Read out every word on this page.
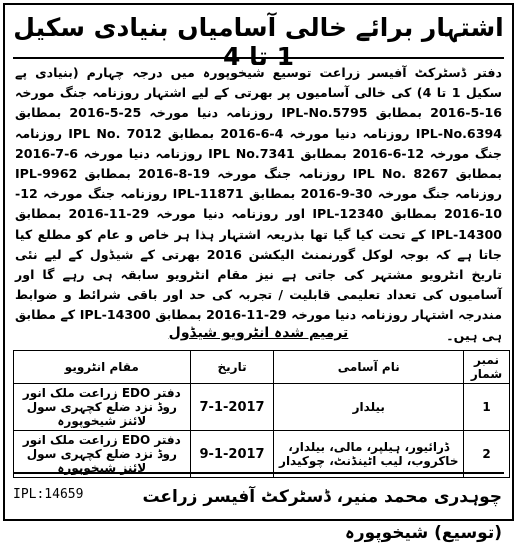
اشتہار برائے خالی آسامیاں بنیادی سکیل 1 تا 4
دفتر ڈسٹرکٹ آفیسر زراعت توسیع شیخوپورہ میں درجہ چہارم (بنیادی پے سکیل 1 تا 4) کی خالی آسامیوں پر بھرتی کے لیے اشتہار روزنامہ جنگ مورخہ 16-5-2016 بمطابق IPL-No.5795 روزنامہ دنیا مورخہ 25-5-2016 بمطابق IPL-No.6394 روزنامہ دنیا مورخہ 4-6-2016 بمطابق IPL No. 7012 روزنامہ جنگ مورخہ 12-6-2016 بمطابق IPL No.7341 روزنامہ دنیا مورخہ 6-7-2016 بمطابق IPL No. 8267 روزنامہ جنگ مورخہ 19-8-2016 بمطابق IPL-9962 روزنامہ جنگ مورخہ 30-9-2016 بمطابق IPL-11871 روزنامہ جنگ مورخہ 12-10-2016 بمطابق IPL-12340 اور روزنامہ دنیا مورخہ 29-11-2016 بمطابق IPL-14300 کے تحت کیا گیا تھا بذریعہ اشتہار ہذا ہر خاص و عام کو مطلع کیا جاتا ہے کہ بوجہ لوکل گورنمنٹ الیکشن 2016 بھرتی کے شیڈول کے لیے نئی تاریخ انٹرویو مشتہر کی جاتی ہے نیز مقام انٹرویو سابقہ ہی رہے گا اور آسامیوں کی تعداد تعلیمی قابلیت / تجربہ کی حد اور باقی شرائط و ضوابط مندرجہ اشتہار روزنامہ دنیا مورخہ 29-11-2016 بمطابق IPL-14300 کے مطابق ہی ہیں۔
ترمیم شدہ انٹرویو شیڈول
نمبر شمار	نام آسامی	تاریخ	مقام انٹرویو
1	بیلدار	7-1-2017	دفتر EDO زراعت ملک انور روڈ نزد ضلع کچہری سول لائنز شیخوپورہ
2	ڈرائیور، ہیلپر، مالی، بیلدار، خاکروب، لیب اٹینڈنٹ، چوکیدار	9-1-2017	دفتر EDO زراعت ملک انور روڈ نزد ضلع کچہری سول لائنز شیخوپورہ
چوہدری محمد منیر، ڈسٹرکٹ آفیسر زراعت (توسیع) شیخوپورہ
IPL:14659
